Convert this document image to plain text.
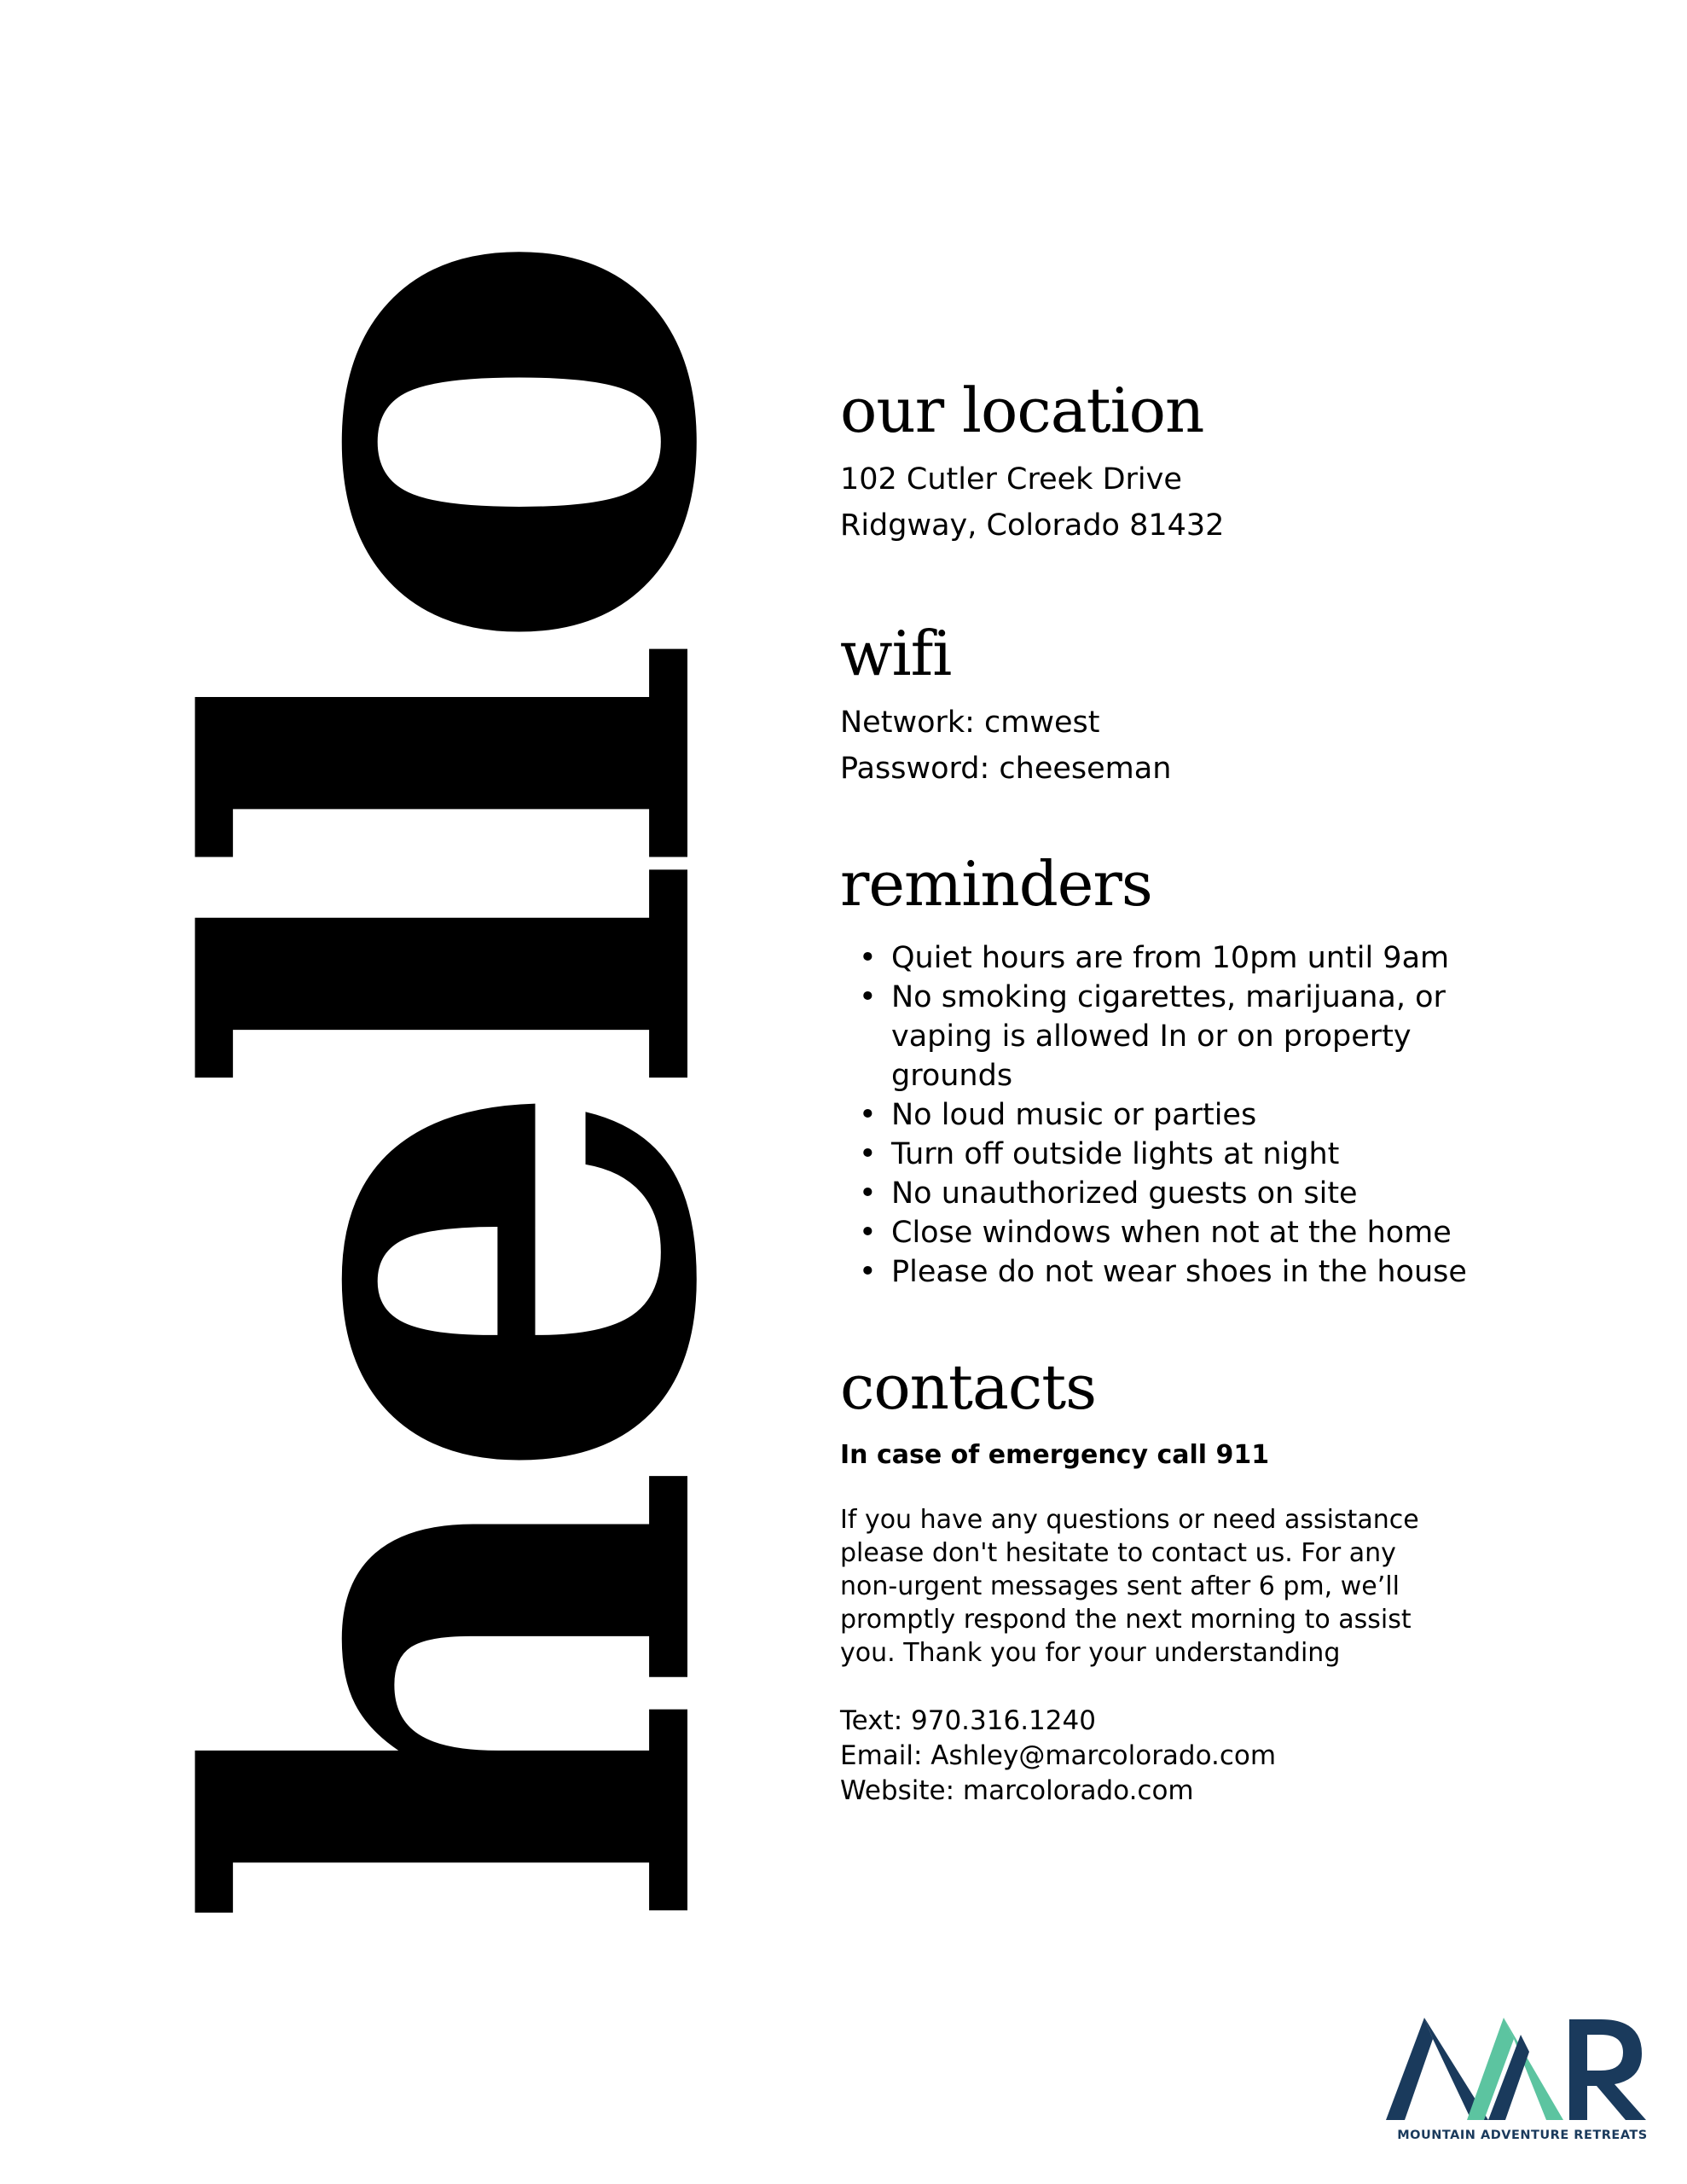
hello our location

102 Cutler Creek Drive

Ridgway, Colorado 81432

wifi

Network: cmwest

Password: cheeseman

reminders
• Quiet hours are from 10pm until 9am
• No smoking cigarettes, marijuana, or vaping is allowed In or on property grounds
• No loud music or parties
• Turn off outside lights at night
• No unauthorized guests on site
• Close windows when not at the home
• Please do not wear shoes in the house
contacts

In case of emergency call 911

If you have any questions or need assistance please don't hesitate to contact us. For any non-urgent messages sent after 6 pm, we’ll promptly respond the next morning to assist you. Thank you for your understanding

Text: 970.316.1240

Email: Ashley@marcolorado.com

Website: marcolorado.com

MOUNTAIN ADVENTURE RETREATS
